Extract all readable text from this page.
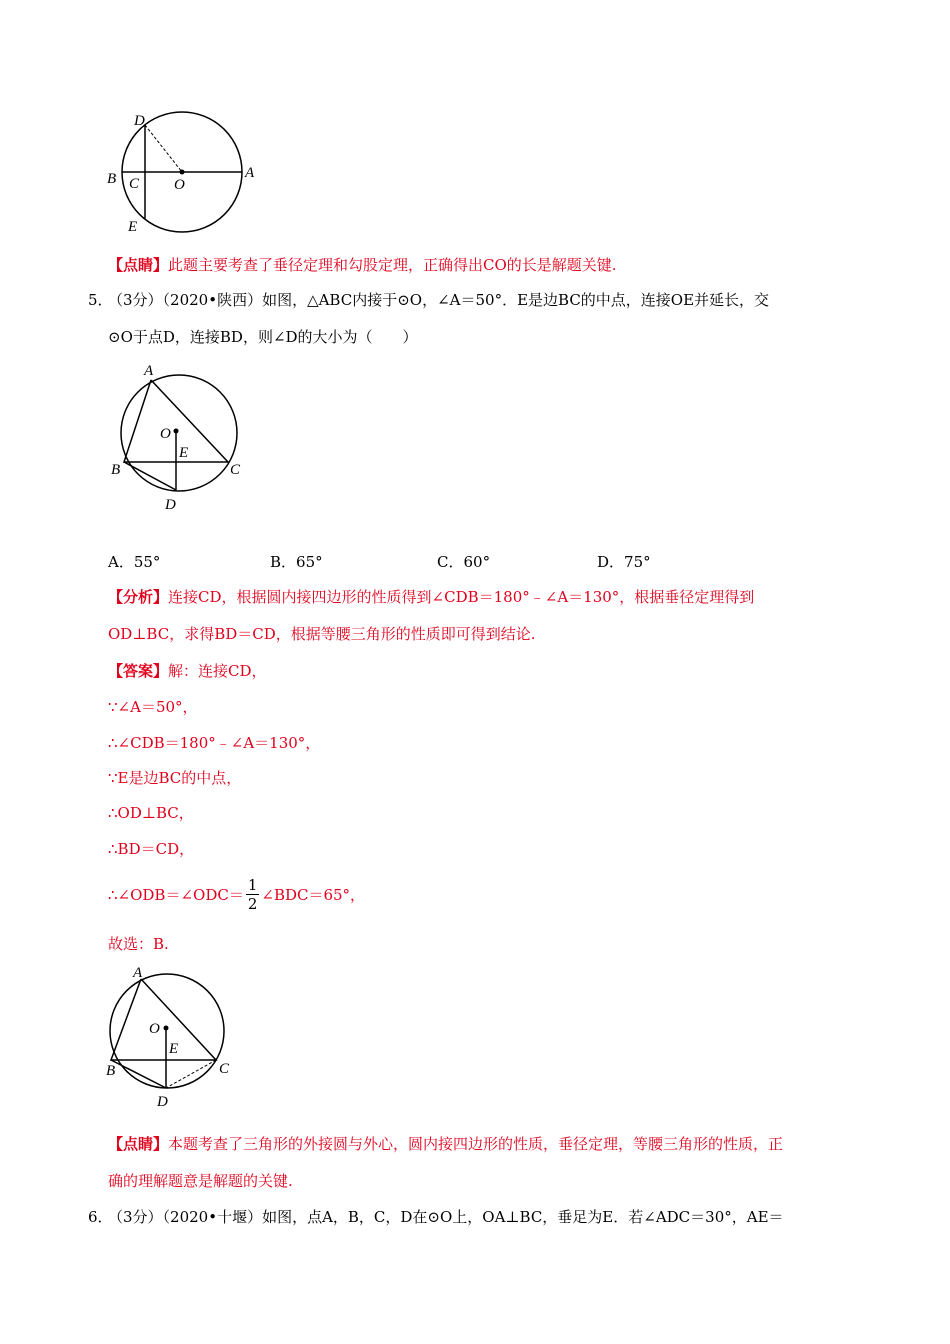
D
B C O
A
E
【点睛】此题主要考查了垂径定理和勾股定理，正确得出CO的长是解题关键.
5．
（3分）（2020•陕西）如图，△ABC内接于⊙O，∠A＝50°．E是边BC的中点，连接OE并延长，交
⊙O于点D，连接BD，则∠D的大小为（　　）
A
O
E
B	C
D
A．55°	B．65°	C．60°	D．75°
【分析】连接CD，根据圆内接四边形的性质得到∠CDB＝180°﹣∠A＝130°，根据垂径定理得到
OD⊥BC，求得BD＝CD，根据等腰三角形的性质即可得到结论.
【答案】解：连接CD，
∵∠A＝50°，
∴∠CDB＝180°﹣∠A＝130°，
∵E是边BC的中点，
∴OD⊥BC，
∴BD＝CD，
∴∠ODB＝∠ODC＝ $\frac{1}{2}$ ∠BDC＝65°，
故选：B.
A
O
E
B	C
D
【点睛】本题考查了三角形的外接圆与外心，圆内接四边形的性质，垂径定理，等腰三角形的性质，正
确的理解题意是解题的关键.
6．
（3分）（2020•十堰）如图，点A，B，C，D在⊙O上，OA⊥BC，垂足为E．若∠ADC＝30°，AE＝
